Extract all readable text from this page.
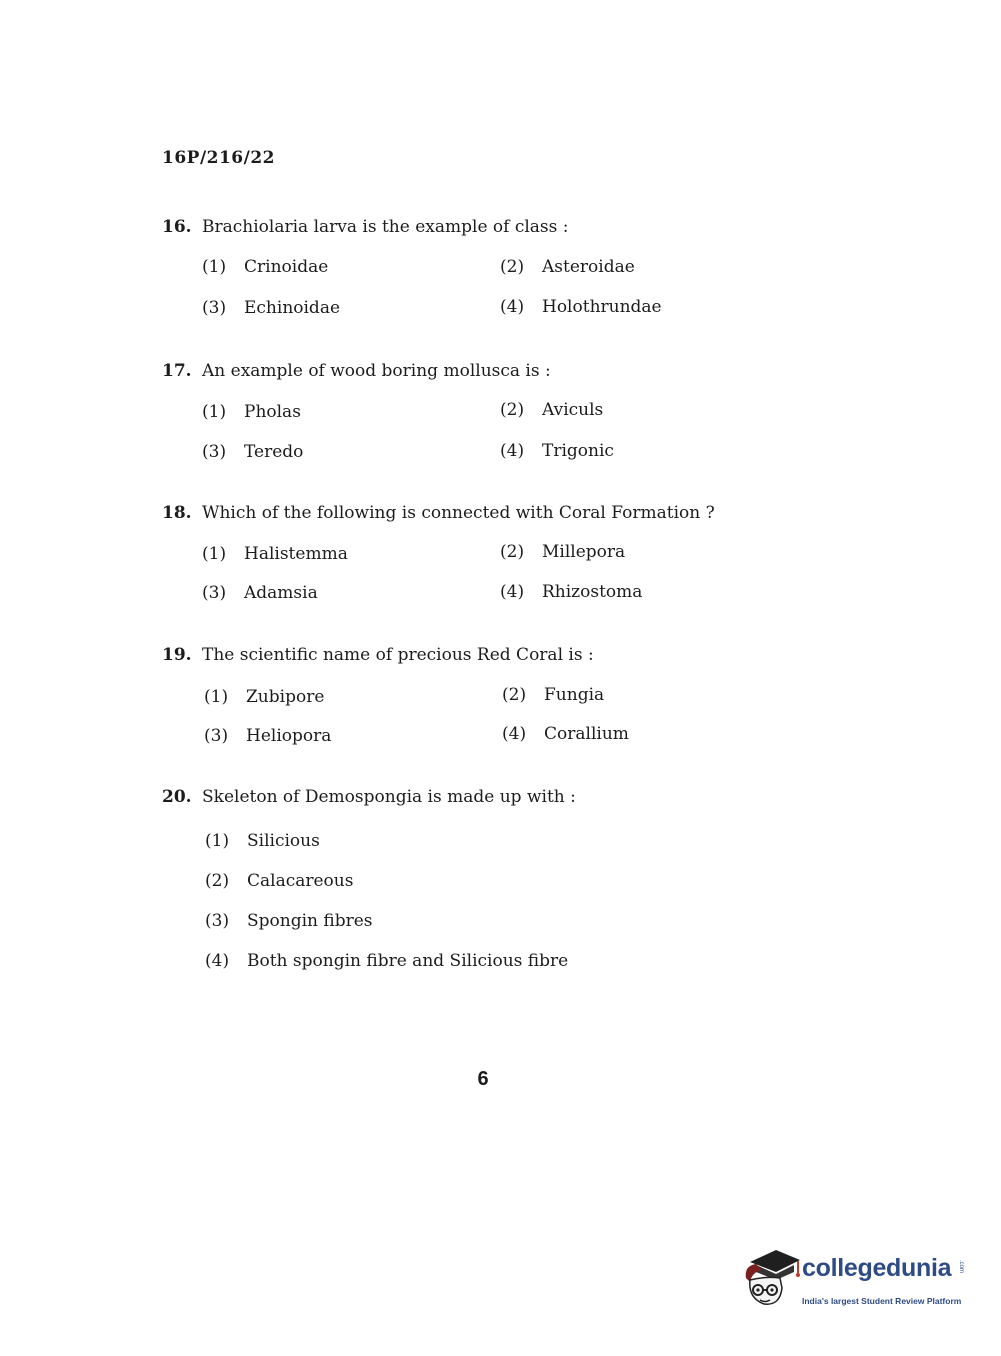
16P/216/22
16. Brachiolaria larva is the example of class :
(1) Crinoidae	(2) Asteroidae
(3) Echinoidae	(4) Holothrundae
17. An example of wood boring mollusca is :
(1) Pholas	(2) Aviculs
(3) Teredo	(4) Trigonic
18. Which of the following is connected with Coral Formation ?
(1) Halistemma	(2) Millepora
(3) Adamsia	(4) Rhizostoma
19. The scientific name of precious Red Coral is :
(1) Zubipore	(2) Fungia
(3) Heliopora	(4) Corallium
20. Skeleton of Demospongia is made up with :
(1) Silicious
(2) Calacareous
(3) Spongin fibres
(4) Both spongin fibre and Silicious fibre
6
collegedunia .com
India's largest Student Review Platform
